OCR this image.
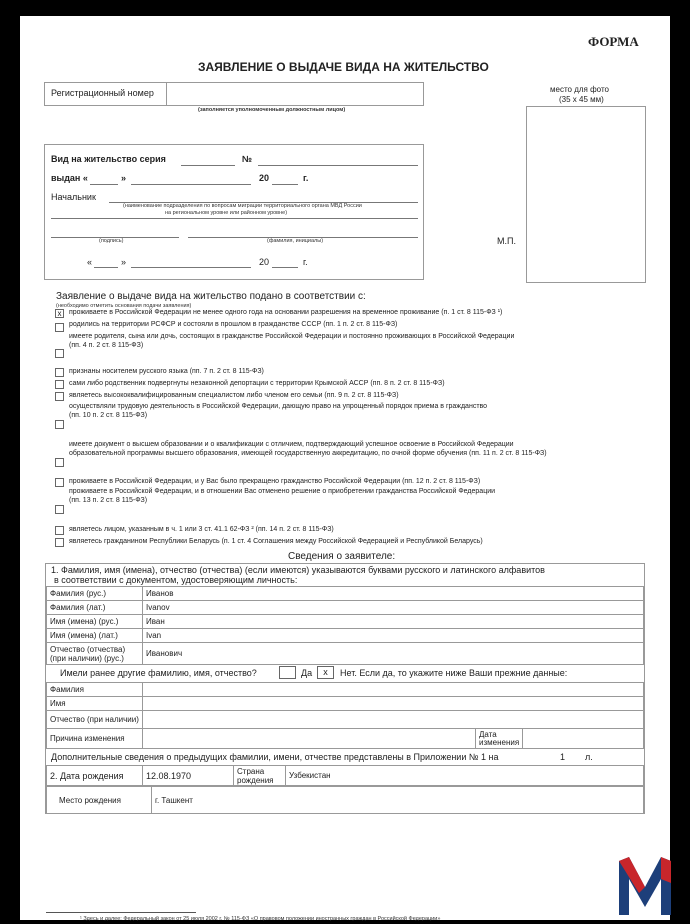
ФОРМА
ЗАЯВЛЕНИЕ О ВЫДАЧЕ ВИДА НА ЖИТЕЛЬСТВО
Регистрационный номер
(заполняется уполномоченным должностным лицом)
место для фото
(35 х 45 мм)
М.П.
Вид на жительство серия	№
выдан «	»	20	г.
Начальник
(наименование подразделения по вопросам миграции территориального органа МВД России
на региональном уровне или районном уровне)
(подпись)	(фамилия, инициалы)
«	»	20	г.
Заявление о выдаче вида на жительство подано в соответствии с:
(необходимо отметить основания подачи заявления)
x	проживаете в Российской Федерации не менее одного года на основании разрешения на временное проживание (п. 1 ст. 8 115-ФЗ ¹)
родились на территории РСФСР и состояли в прошлом в гражданстве СССР (пп. 1 п. 2 ст. 8 115-ФЗ)
имеете родителя, сына или дочь, состоящих в гражданстве Российской Федерации и постоянно проживающих в Российской Федерации
(пп. 4 п. 2 ст. 8 115-ФЗ)
признаны носителем русского языка (пп. 7 п. 2 ст. 8 115-ФЗ)
сами либо родственник подвергнуты незаконной депортации с территории Крымской АССР (пп. 8 п. 2 ст. 8 115-ФЗ)
являетесь высококвалифицированным специалистом либо членом его семьи (пп. 9 п. 2 ст. 8 115-ФЗ)
осуществляли трудовую деятельность в Российской Федерации, дающую право на упрощенный порядок приема в гражданство
(пп. 10 п. 2 ст. 8 115-ФЗ)
имеете документ о высшем образовании и о квалификации с отличием, подтверждающий успешное освоение в Российской Федерации
образовательной программы высшего образования, имеющей государственную аккредитацию, по очной форме обучения (пп. 11 п. 2 ст. 8 115-ФЗ)
проживаете в Российской Федерации, и у Вас было прекращено гражданство Российской Федерации (пп. 12 п. 2 ст. 8 115-ФЗ)
проживаете в Российской Федерации, и в отношении Вас отменено решение о приобретении гражданства Российской Федерации
(пп. 13 п. 2 ст. 8 115-ФЗ)
являетесь лицом, указанным в ч. 1 или 3 ст. 41.1 62-ФЗ ² (пп. 14 п. 2 ст. 8 115-ФЗ)
являетесь гражданином Республики Беларусь (п. 1 ст. 4 Соглашения между Российской Федерацией и Республикой Беларусь)
Сведения о заявителе:
1. Фамилия, имя (имена), отчество (отчества) (если имеются) указываются буквами русского и латинского алфавитов
в соответствии с документом, удостоверяющим личность:
Фамилия (рус.)	Иванов
Фамилия (лат.)	Ivanov
Имя (имена) (рус.)	Иван
Имя (имена) (лат.)	Ivan
Отчество (отчества) (при наличии) (рус.)	Иванович
Имели ранее другие фамилию, имя, отчество?	Да	x	Нет. Если да, то укажите ниже Ваши прежние данные:
Фамилия	
Имя	
Отчество (при наличии)	
Причина изменения		Дата изменения	
Дополнительные сведения о предыдущих фамилии, имени, отчестве представлены в Приложении № 1 на	1 л.
2. Дата рождения	12.08.1970	Страна рождения	Узбекистан
Место рождения	г. Ташкент
¹ Здесь и далее: Федеральный закон от 25 июля 2002 г. № 115-ФЗ «О правовом положении иностранных граждан в Российской Федерации»
